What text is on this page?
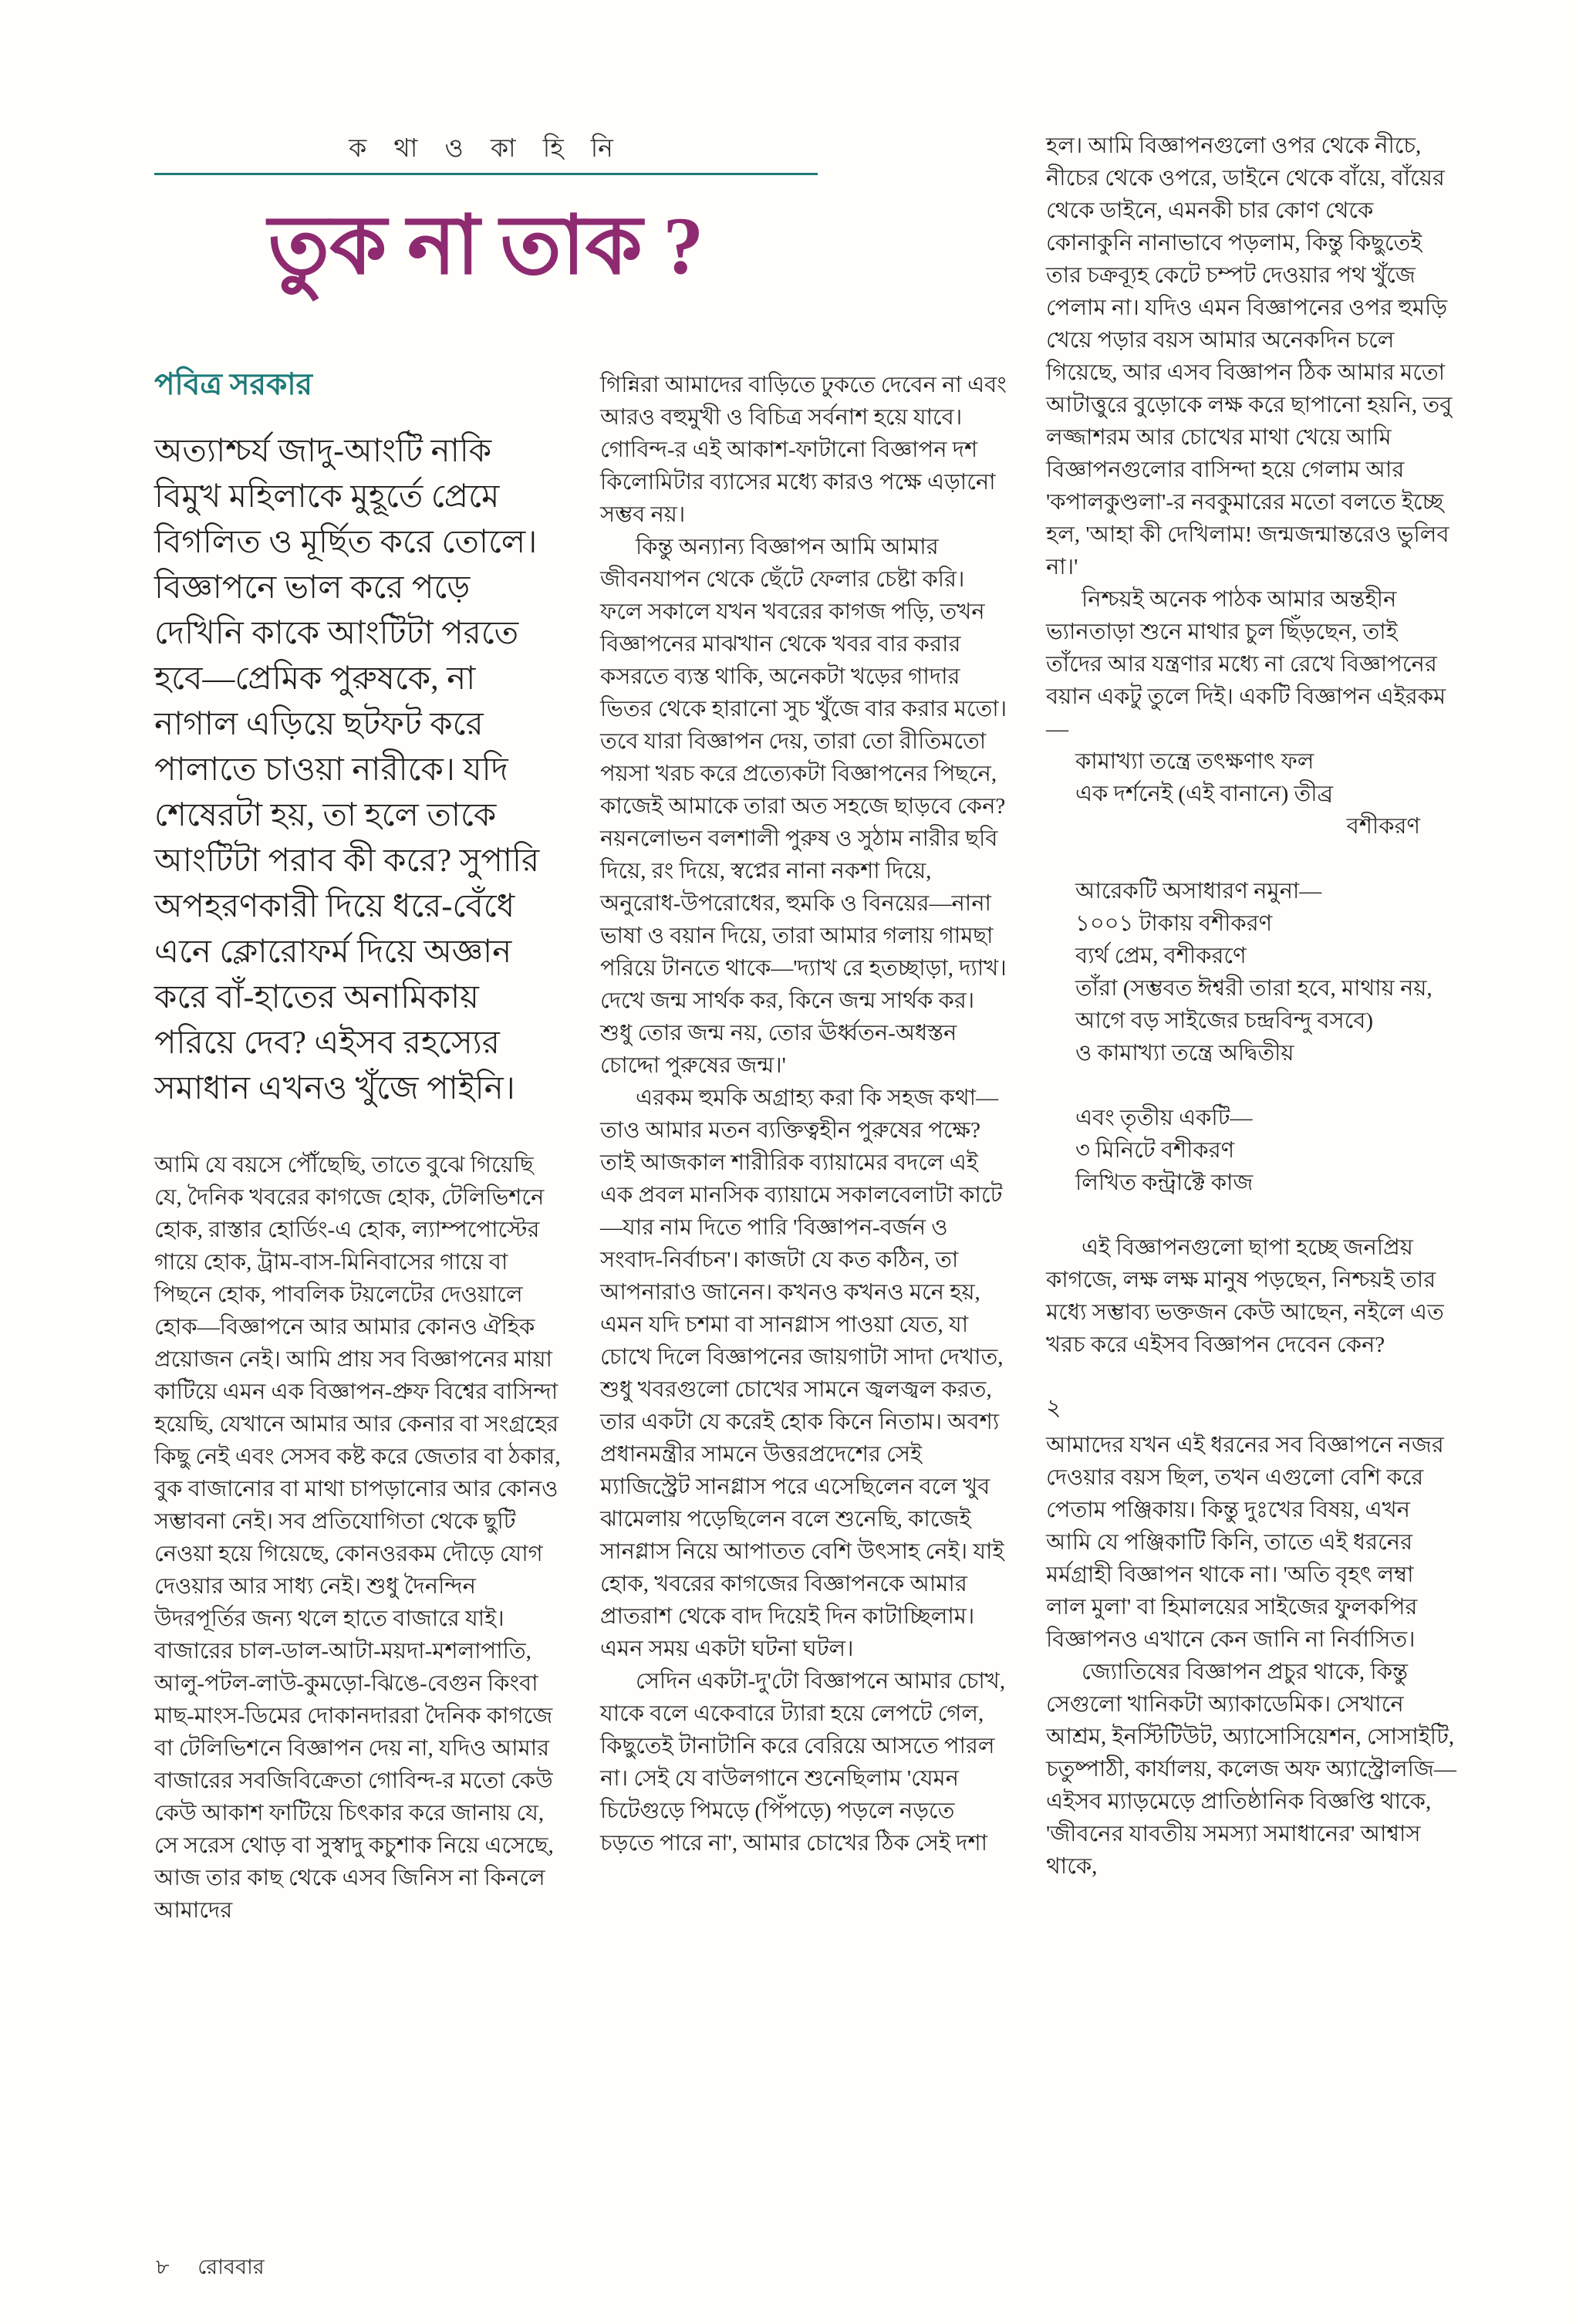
ক থা ও কা হি নি
তুক না তাক ?
পবিত্র সরকার

অত্যাশ্চর্য জাদু-আংটি নাকি বিমুখ মহিলাকে মুহূর্তে প্রেমে বিগলিত ও মূর্ছিত করে তোলে। বিজ্ঞাপনে ভাল করে পড়ে দেখিনি কাকে আংটিটা পরতে হবে—প্রেমিক পুরুষকে, না নাগাল এড়িয়ে ছটফট করে পালাতে চাওয়া নারীকে। যদি শেষেরটা হয়, তা হলে তাকে আংটিটা পরাব কী করে? সুপারি অপহরণকারী দিয়ে ধরে-বেঁধে এনে ক্লোরোফর্ম দিয়ে অজ্ঞান করে বাঁ-হাতের অনামিকায় পরিয়ে দেব? এইসব রহস্যের সমাধান এখনও খুঁজে পাইনি।

আমি যে বয়সে পৌঁছেছি, তাতে বুঝে গিয়েছি যে, দৈনিক খবরের কাগজে হোক, টেলিভিশনে হোক, রাস্তার হোর্ডিং-এ হোক, ল্যাম্পপোস্টের গায়ে হোক, ট্রাম-বাস-মিনিবাসের গায়ে বা পিছনে হোক, পাবলিক টয়লেটের দেওয়ালে হোক—বিজ্ঞাপনে আর আমার কোনও ঐহিক প্রয়োজন নেই। আমি প্রায় সব বিজ্ঞাপনের মায়া কাটিয়ে এমন এক বিজ্ঞাপন-প্রুফ বিশ্বের বাসিন্দা হয়েছি, যেখানে আমার আর কেনার বা সংগ্রহের কিছু নেই এবং সেসব কষ্ট করে জেতার বা ঠকার, বুক বাজানোর বা মাথা চাপড়ানোর আর কোনও সম্ভাবনা নেই। সব প্রতিযোগিতা থেকে ছুটি নেওয়া হয়ে গিয়েছে, কোনওরকম দৌড়ে যোগ দেওয়ার আর সাধ্য নেই। শুধু দৈনন্দিন উদরপূর্তির জন্য থলে হাতে বাজারে যাই। বাজারের চাল-ডাল-আটা-ময়দা-মশলাপাতি, আলু-পটল-লাউ-কুমড়ো-ঝিঙে-বেগুন কিংবা মাছ-মাংস-ডিমের দোকানদাররা দৈনিক কাগজে বা টেলিভিশনে বিজ্ঞাপন দেয় না, যদিও আমার বাজারের সবজিবিক্রেতা গোবিন্দ-র মতো কেউ কেউ আকাশ ফাটিয়ে চিৎকার করে জানায় যে, সে সরেস থোড় বা সুস্বাদু কচুশাক নিয়ে এসেছে, আজ তার কাছ থেকে এসব জিনিস না কিনলে আমাদের

গিন্নিরা আমাদের বাড়িতে ঢুকতে দেবেন না এবং আরও বহুমুখী ও বিচিত্র সর্বনাশ হয়ে যাবে। গোবিন্দ-র এই আকাশ-ফাটানো বিজ্ঞাপন দশ কিলোমিটার ব্যাসের মধ্যে কারও পক্ষে এড়ানো সম্ভব নয়।

কিন্তু অন্যান্য বিজ্ঞাপন আমি আমার জীবনযাপন থেকে ছেঁটে ফেলার চেষ্টা করি। ফলে সকালে যখন খবরের কাগজ পড়ি, তখন বিজ্ঞাপনের মাঝখান থেকে খবর বার করার কসরতে ব্যস্ত থাকি, অনেকটা খড়ের গাদার ভিতর থেকে হারানো সুচ খুঁজে বার করার মতো। তবে যারা বিজ্ঞাপন দেয়, তারা তো রীতিমতো পয়সা খরচ করে প্রত্যেকটা বিজ্ঞাপনের পিছনে, কাজেই আমাকে তারা অত সহজে ছাড়বে কেন? নয়নলোভন বলশালী পুরুষ ও সুঠাম নারীর ছবি দিয়ে, রং দিয়ে, স্বপ্নের নানা নকশা দিয়ে, অনুরোধ-উপরোধের, হুমকি ও বিনয়ের—নানা ভাষা ও বয়ান দিয়ে, তারা আমার গলায় গামছা পরিয়ে টানতে থাকে—'দ্যাখ রে হতচ্ছাড়া, দ্যাখ। দেখে জন্ম সার্থক কর, কিনে জন্ম সার্থক কর। শুধু তোর জন্ম নয়, তোর ঊর্ধ্বতন-অধস্তন চোদ্দো পুরুষের জন্ম।'

এরকম হুমকি অগ্রাহ্য করা কি সহজ কথা—তাও আমার মতন ব্যক্তিত্বহীন পুরুষের পক্ষে? তাই আজকাল শারীরিক ব্যায়ামের বদলে এই এক প্রবল মানসিক ব্যায়ামে সকালবেলাটা কাটে—যার নাম দিতে পারি 'বিজ্ঞাপন-বর্জন ও সংবাদ-নির্বাচন'। কাজটা যে কত কঠিন, তা আপনারাও জানেন। কখনও কখনও মনে হয়, এমন যদি চশমা বা সানগ্লাস পাওয়া যেত, যা চোখে দিলে বিজ্ঞাপনের জায়গাটা সাদা দেখাত, শুধু খবরগুলো চোখের সামনে জ্বলজ্বল করত, তার একটা যে করেই হোক কিনে নিতাম। অবশ্য প্রধানমন্ত্রীর সামনে উত্তরপ্রদেশের সেই ম্যাজিস্ট্রেট সানগ্লাস পরে এসেছিলেন বলে খুব ঝামেলায় পড়েছিলেন বলে শুনেছি, কাজেই সানগ্লাস নিয়ে আপাতত বেশি উৎসাহ নেই। যাই হোক, খবরের কাগজের বিজ্ঞাপনকে আমার প্রাতরাশ থেকে বাদ দিয়েই দিন কাটাচ্ছিলাম। এমন সময় একটা ঘটনা ঘটল।

সেদিন একটা-দু'টো বিজ্ঞাপনে আমার চোখ, যাকে বলে একেবারে ট্যারা হয়ে লেপটে গেল, কিছুতেই টানাটানি করে বেরিয়ে আসতে পারল না। সেই যে বাউলগানে শুনেছিলাম 'যেমন চিটেগুড়ে পিমড়ে (পিঁপড়ে) পড়লে নড়তে চড়তে পারে না', আমার চোখের ঠিক সেই দশা

হল। আমি বিজ্ঞাপনগুলো ওপর থেকে নীচে, নীচের থেকে ওপরে, ডাইনে থেকে বাঁয়ে, বাঁয়ের থেকে ডাইনে, এমনকী চার কোণ থেকে কোনাকুনি নানাভাবে পড়লাম, কিন্তু কিছুতেই তার চক্রব্যূহ কেটে চম্পট দেওয়ার পথ খুঁজে পেলাম না। যদিও এমন বিজ্ঞাপনের ওপর হুমড়ি খেয়ে পড়ার বয়স আমার অনেকদিন চলে গিয়েছে, আর এসব বিজ্ঞাপন ঠিক আমার মতো আটাত্তুরে বুড়োকে লক্ষ করে ছাপানো হয়নি, তবু লজ্জাশরম আর চোখের মাথা খেয়ে আমি বিজ্ঞাপনগুলোর বাসিন্দা হয়ে গেলাম আর 'কপালকুণ্ডলা'-র নবকুমারের মতো বলতে ইচ্ছে হল, 'আহা কী দেখিলাম! জন্মজন্মান্তরেও ভুলিব না।'

নিশ্চয়ই অনেক পাঠক আমার অন্তহীন ভ্যানতাড়া শুনে মাথার চুল ছিঁড়ছেন, তাই তাঁদের আর যন্ত্রণার মধ্যে না রেখে বিজ্ঞাপনের বয়ান একটু তুলে দিই। একটি বিজ্ঞাপন এইরকম—

কামাখ্যা তন্ত্রে তৎক্ষণাৎ ফল
এক দর্শনেই (এই বানানে) তীব্র
বশীকরণ
আরেকটি অসাধারণ নমুনা—
১০০১ টাকায় বশীকরণ
ব্যর্থ প্রেম, বশীকরণে
তাঁরা (সম্ভবত ঈশ্বরী তারা হবে, মাথায় নয়, আগে বড় সাইজের চন্দ্রবিন্দু বসবে)
ও কামাখ্যা তন্ত্রে অদ্বিতীয়
এবং তৃতীয় একটি—
৩ মিনিটে বশীকরণ
লিখিত কন্ট্রাক্টে কাজ

এই বিজ্ঞাপনগুলো ছাপা হচ্ছে জনপ্রিয় কাগজে, লক্ষ লক্ষ মানুষ পড়ছেন, নিশ্চয়ই তার মধ্যে সম্ভাব্য ভক্তজন কেউ আছেন, নইলে এত খরচ করে এইসব বিজ্ঞাপন দেবেন কেন?

২

আমাদের যখন এই ধরনের সব বিজ্ঞাপনে নজর দেওয়ার বয়স ছিল, তখন এগুলো বেশি করে পেতাম পঞ্জিকায়। কিন্তু দুঃখের বিষয়, এখন আমি যে পঞ্জিকাটি কিনি, তাতে এই ধরনের মর্মগ্রাহী বিজ্ঞাপন থাকে না। 'অতি বৃহৎ লম্বা লাল মুলা' বা হিমালয়ের সাইজের ফুলকপির বিজ্ঞাপনও এখানে কেন জানি না নির্বাসিত।

জ্যোতিষের বিজ্ঞাপন প্রচুর থাকে, কিন্তু সেগুলো খানিকটা অ্যাকাডেমিক। সেখানে আশ্রম, ইনস্টিটিউট, অ্যাসোসিয়েশন, সোসাইটি, চতুষ্পাঠী, কার্যালয়, কলেজ অফ অ্যাস্ট্রোলজি—এইসব ম্যাড়মেড়ে প্রাতিষ্ঠানিক বিজ্ঞপ্তি থাকে, 'জীবনের যাবতীয় সমস্যা সমাধানের' আশ্বাস থাকে,

৮ রোববার
